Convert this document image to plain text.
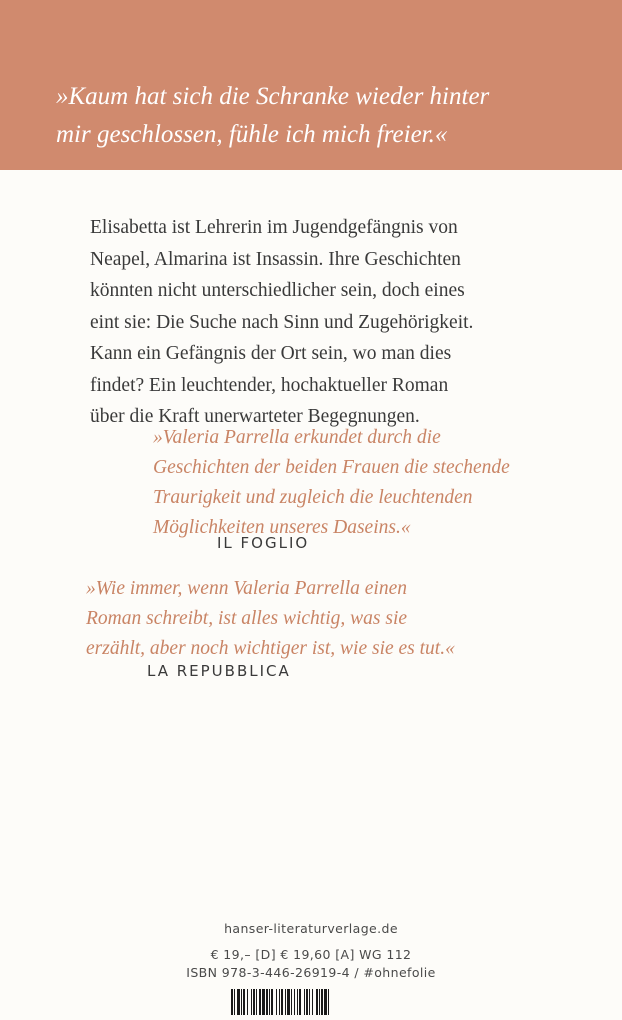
»Kaum hat sich die Schranke wieder hinter
mir geschlossen, fühle ich mich freier.«

Elisabetta ist Lehrerin im Jugendgefängnis von
Neapel, Almarina ist Insassin. Ihre Geschichten
könnten nicht unterschiedlicher sein, doch eines
eint sie: Die Suche nach Sinn und Zugehörigkeit.
Kann ein Gefängnis der Ort sein, wo man dies
findet? Ein leuchtender, hochaktueller Roman
über die Kraft unerwarteter Begegnungen.

»Valeria Parrella erkundet durch die
Geschichten der beiden Frauen die stechende
Traurigkeit und zugleich die leuchtenden
Möglichkeiten unseres Daseins.«

IL FOGLIO

»Wie immer, wenn Valeria Parrella einen
Roman schreibt, ist alles wichtig, was sie
erzählt, aber noch wichtiger ist, wie sie es tut.«

LA REPUBBLICA

hanser-literaturverlage.de

€ 19,– [D] € 19,60 [A] WG 112

ISBN 978-3-446-26919-4 / #ohnefolie
